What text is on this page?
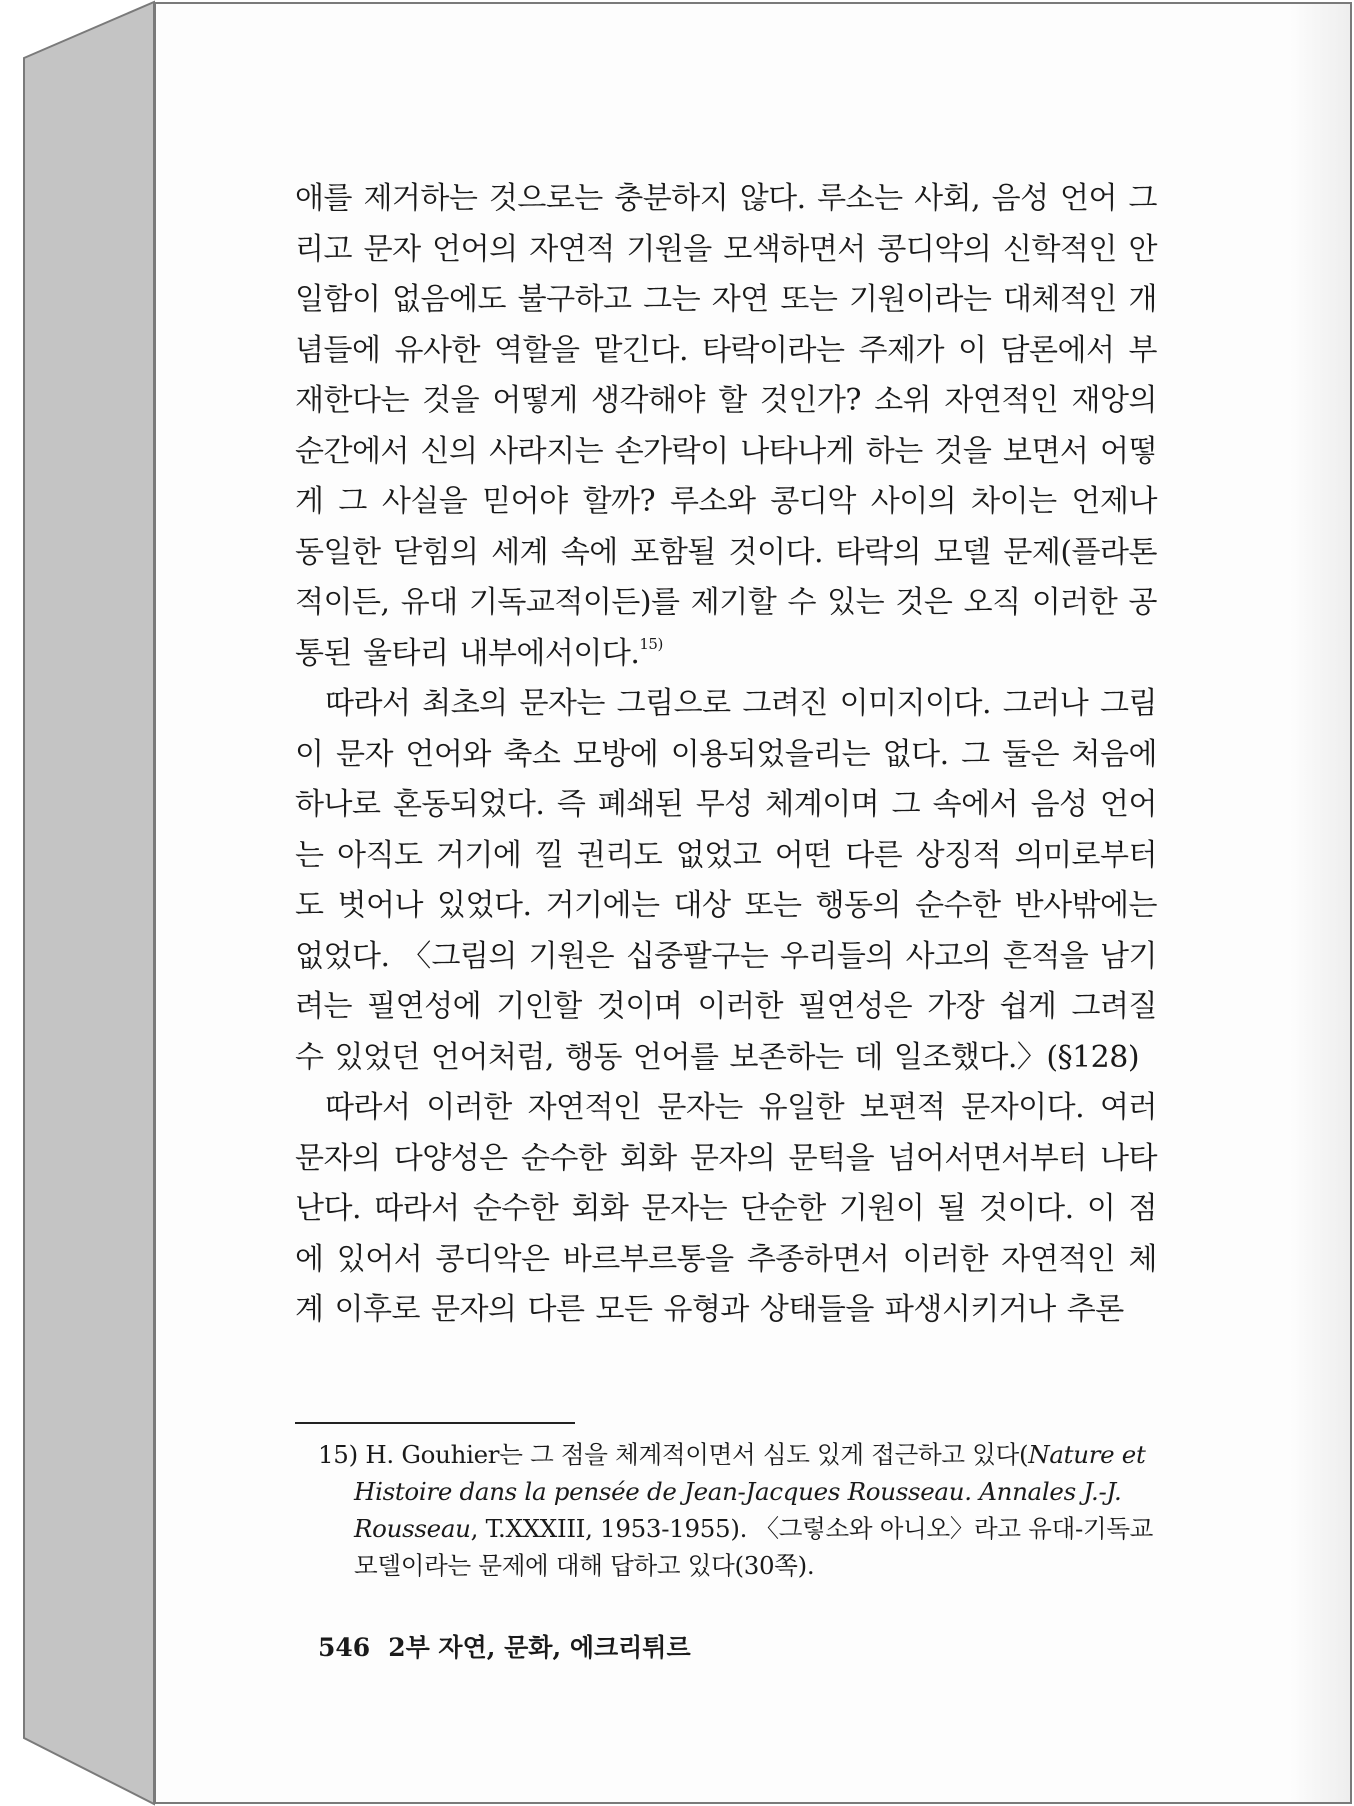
애를 제거하는 것으로는 충분하지 않다. 루소는 사회, 음성 언어 그리고 문자 언어의 자연적 기원을 모색하면서 콩디악의 신학적인 안일함이 없음에도 불구하고 그는 자연 또는 기원이라는 대체적인 개념들에 유사한 역할을 맡긴다. 타락이라는 주제가 이 담론에서 부재한다는 것을 어떻게 생각해야 할 것인가? 소위 자연적인 재앙의 순간에서 신의 사라지는 손가락이 나타나게 하는 것을 보면서 어떻게 그 사실을 믿어야 할까? 루소와 콩디악 사이의 차이는 언제나 동일한 닫힘의 세계 속에 포함될 것이다. 타락의 모델 문제(플라톤적이든, 유대 기독교적이든)를 제기할 수 있는 것은 오직 이러한 공통된 울타리 내부에서이다.$^{15)}$

따라서 최초의 문자는 그림으로 그려진 이미지이다. 그러나 그림이 문자 언어와 축소 모방에 이용되었을리는 없다. 그 둘은 처음에 하나로 혼동되었다. 즉 폐쇄된 무성 체계이며 그 속에서 음성 언어는 아직도 거기에 낄 권리도 없었고 어떤 다른 상징적 의미로부터도 벗어나 있었다. 거기에는 대상 또는 행동의 순수한 반사밖에는 없었다. 〈그림의 기원은 십중팔구는 우리들의 사고의 흔적을 남기려는 필연성에 기인할 것이며 이러한 필연성은 가장 쉽게 그려질 수 있었던 언어처럼, 행동 언어를 보존하는 데 일조했다.〉(§128)

따라서 이러한 자연적인 문자는 유일한 보편적 문자이다. 여러 문자의 다양성은 순수한 회화 문자의 문턱을 넘어서면서부터 나타난다. 따라서 순수한 회화 문자는 단순한 기원이 될 것이다. 이 점에 있어서 콩디악은 바르부르통을 추종하면서 이러한 자연적인 체계 이후로 문자의 다른 모든 유형과 상태들을 파생시키거나 추론

15) H. Gouhier는 그 점을 체계적이면서 심도 있게 접근하고 있다(Nature et Histoire dans la pensée de Jean-Jacques Rousseau. Annales J.-J. Rousseau, T.XXXIII, 1953-1955). 〈그렇소와 아니오〉라고 유대-기독교 모델이라는 문제에 대해 답하고 있다(30쪽).
546 2부 자연, 문화, 에크리튀르
